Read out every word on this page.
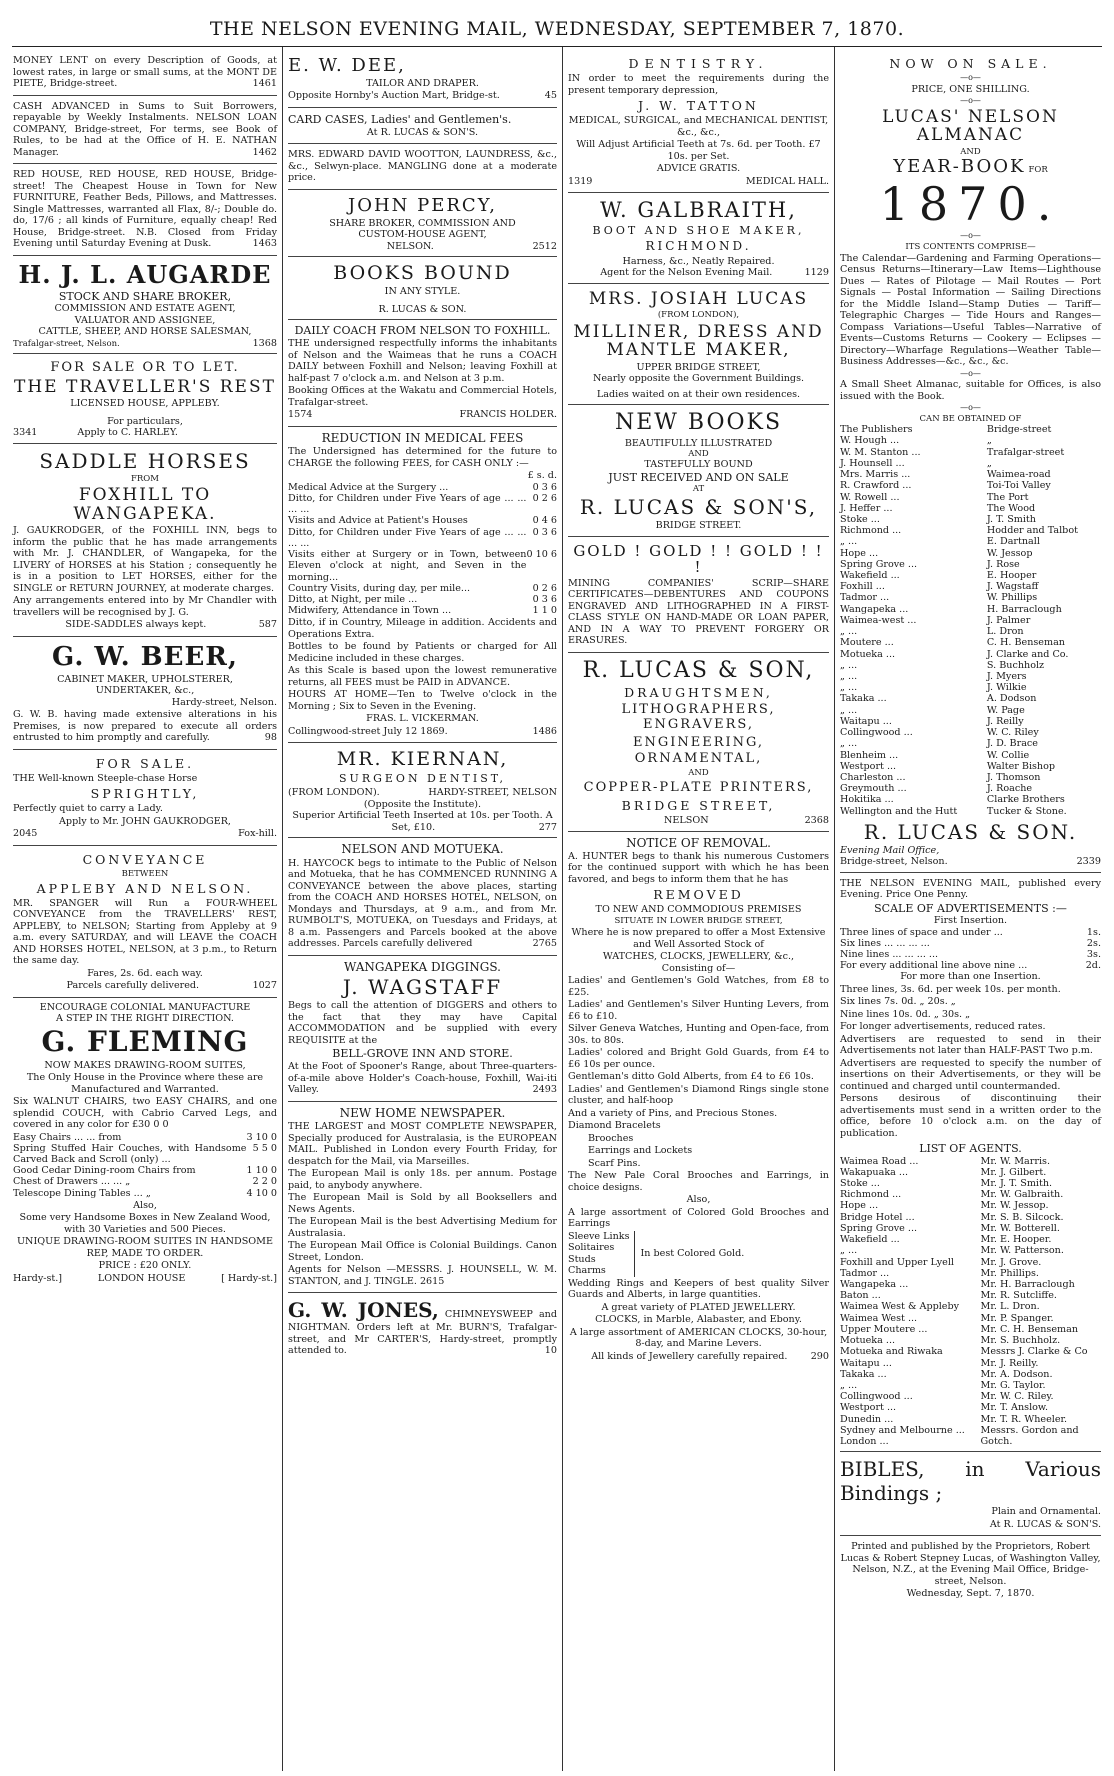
THE NELSON EVENING MAIL, WEDNESDAY, SEPTEMBER 7, 1870.

MONEY LENT on every Description of Goods, at lowest rates, in large or small sums, at the MONT DE PIETE, Bridge-street.	1461

CASH ADVANCED in Sums to Suit Borrowers, repayable by Weekly Instalments. NELSON LOAN COMPANY, Bridge-street, For terms, see Book of Rules, to be had at the Office of H. E. NATHAN Manager.	1462

RED HOUSE, RED HOUSE, RED HOUSE, Bridge-street! The Cheapest House in Town for New FURNITURE, Feather Beds, Pillows, and Mattresses. Single Mattresses, warranted all Flax, 8/-; Double do. do, 17/6 ; all kinds of Furniture, equally cheap! Red House, Bridge-street. N.B. Closed from Friday Evening until Saturday Evening at Dusk.	1463

H. J. L. AUGARDE
STOCK AND SHARE BROKER,
COMMISSION AND ESTATE AGENT,
VALUATOR AND ASSIGNEE,
CATTLE, SHEEP, AND HORSE SALESMAN,
Trafalgar-street, Nelson.	1368
FOR SALE OR TO LET.
THE TRAVELLER'S REST
LICENSED HOUSE, APPLEBY.
For particulars,
3341	Apply to C. HARLEY.
SADDLE HORSES
FROM
FOXHILL TO WANGAPEKA.

J. GAUKRODGER, of the FOXHILL INN, begs to inform the public that he has made arrangements with Mr. J. CHANDLER, of Wangapeka, for the LIVERY of HORSES at his Station ; consequently he is in a position to LET HORSES, either for the SINGLE or RETURN JOURNEY, at moderate charges.

Any arrangements entered into by Mr Chandler with travellers will be recognised by J. G.

SIDE-SADDLES always kept.	587

G. W. BEER,
CABINET MAKER, UPHOLSTERER,
UNDERTAKER, &c.,
Hardy-street, Nelson.

G. W. B. having made extensive alterations in his Premises, is now prepared to execute all orders entrusted to him promptly and carefully.	98

FOR SALE.

THE Well-known Steeple-chase Horse

SPRIGHTLY,

Perfectly quiet to carry a Lady.

Apply to Mr. JOHN GAUKRODGER,

2045	Fox-hill.

CONVEYANCE
BETWEEN
APPLEBY AND NELSON.

MR. SPANGER will Run a FOUR-WHEEL CONVEYANCE from the TRAVELLERS' REST, APPLEBY, to NELSON; Starting from Appleby at 9 a.m. every SATURDAY, and will LEAVE the COACH AND HORSES HOTEL, NELSON, at 3 p.m., to Return the same day.

Fares, 2s. 6d. each way.

Parcels carefully delivered.	1027

ENCOURAGE COLONIAL MANUFACTURE
A STEP IN THE RIGHT DIRECTION.
G. FLEMING
NOW MAKES DRAWING-ROOM SUITES,

The Only House in the Province where these are Manufactured and Warranted.

Six WALNUT CHAIRS, two EASY CHAIRS, and one splendid COUCH, with Cabrio Carved Legs, and covered in any color for £30 0 0

Easy Chairs ... ... from	3 10 0
Spring Stuffed Hair Couches, with Handsome Carved Back and Scroll (only) ...	5 5 0
Good Cedar Dining-room Chairs from	1 10 0
Chest of Drawers ... ... „	2 2 0
Telescope Dining Tables ... „	4 10 0

Also,

Some very Handsome Boxes in New Zealand Wood, with 30 Varieties and 500 Pieces.

UNIQUE DRAWING-ROOM SUITES IN HANDSOME REP, MADE TO ORDER.

PRICE : £20 ONLY.

Hardy-st.]	LONDON HOUSE	[ Hardy-st.]

E. W. DEE,
TAILOR AND DRAPER.

Opposite Hornby's Auction Mart, Bridge-st.	45

CARD CASES, Ladies' and Gentlemen's.

At R. LUCAS & SON'S.

MRS. EDWARD DAVID WOOTTON, LAUNDRESS, &c., &c., Selwyn-place. MANGLING done at a moderate price.

JOHN PERCY,
SHARE BROKER, COMMISSION AND
CUSTOM-HOUSE AGENT,
NELSON.	2512
BOOKS BOUND
IN ANY STYLE.
R. LUCAS & SON.
DAILY COACH FROM NELSON TO FOXHILL.

THE undersigned respectfully informs the inhabitants of Nelson and the Waimeas that he runs a COACH DAILY between Foxhill and Nelson; leaving Foxhill at half-past 7 o'clock a.m. and Nelson at 3 p.m.

Booking Offices at the Wakatu and Commercial Hotels, Trafalgar-street.

1574	FRANCIS HOLDER.

REDUCTION IN MEDICAL FEES

The Undersigned has determined for the future to CHARGE the following FEES, for CASH ONLY :—

£ s. d.
Medical Advice at the Surgery ...	0 3 6
Ditto, for Children under Five Years of age ... ... ... ...	0 2 6
Visits and Advice at Patient's Houses	0 4 6
Ditto, for Children under Five Years of age ... ... ... ...	0 3 6
Visits either at Surgery or in Town, between Eleven o'clock at night, and Seven in the morning...	0 10 6
Country Visits, during day, per mile...	0 2 6
Ditto, at Night, per mile ...	0 3 6
Midwifery, Attendance in Town ...	1 1 0

Ditto, if in Country, Mileage in addition. Accidents and Operations Extra.

Bottles to be found by Patients or charged for All Medicine included in these charges.

As this Scale is based upon the lowest remunerative returns, all FEES must be PAID in ADVANCE.

HOURS AT HOME—Ten to Twelve o'clock in the Morning ; Six to Seven in the Evening.

FRAS. L. VICKERMAN.

Collingwood-street July 12 1869.	1486

MR. KIERNAN,
SURGEON DENTIST,
(FROM LONDON).	HARDY-STREET, NELSON
(Opposite the Institute).
Superior Artificial Teeth Inserted at 10s. per Tooth. A Set, £10.	277
NELSON AND MOTUEKA.

H. HAYCOCK begs to intimate to the Public of Nelson and Motueka, that he has COMMENCED RUNNING A CONVEYANCE between the above places, starting from the COACH AND HORSES HOTEL, NELSON, on Mondays and Thursdays, at 9 a.m., and from Mr. RUMBOLT'S, MOTUEKA, on Tuesdays and Fridays, at 8 a.m. Passengers and Parcels booked at the above addresses. Parcels carefully delivered	2765

WANGAPEKA DIGGINGS.
J. WAGSTAFF

Begs to call the attention of DIGGERS and others to the fact that they may have Capital ACCOMMODATION and be supplied with every REQUISITE at the

BELL-GROVE INN AND STORE.

At the Foot of Spooner's Range, about Three-quarters-of-a-mile above Holder's Coach-house, Foxhill, Wai-iti Valley.	2493

NEW HOME NEWSPAPER.

THE LARGEST and MOST COMPLETE NEWSPAPER, Specially produced for Australasia, is the EUROPEAN MAIL. Published in London every Fourth Friday, for despatch for the Mail, via Marseilles.

The European Mail is only 18s. per annum. Postage paid, to anybody anywhere.

The European Mail is Sold by all Booksellers and News Agents.

The European Mail is the best Advertising Medium for Australasia.

The European Mail Office is Colonial Buildings. Canon Street, London.

Agents for Nelson —MESSRS. J. HOUNSELL, W. M. STANTON, and J. TINGLE. 2615

G. W. JONES, CHIMNEYSWEEP and NIGHTMAN. Orders left at Mr. BURN'S, Trafalgar-street, and Mr CARTER'S, Hardy-street, promptly attended to.	10

DENTISTRY.

IN order to meet the requirements during the present temporary depression,

J. W. TATTON

MEDICAL, SURGICAL, and MECHANICAL DENTIST, &c., &c.,

Will Adjust Artificial Teeth at 7s. 6d. per Tooth. £7 10s. per Set.

ADVICE GRATIS.

1319	MEDICAL HALL.

W. GALBRAITH,
BOOT AND SHOE MAKER,
RICHMOND.
Harness, &c., Neatly Repaired.
Agent for the Nelson Evening Mail.	1129
MRS. JOSIAH LUCAS
(FROM LONDON),
MILLINER, DRESS AND MANTLE MAKER,
UPPER BRIDGE STREET,
Nearly opposite the Government Buildings.
Ladies waited on at their own residences.
NEW BOOKS
BEAUTIFULLY ILLUSTRATED
AND
TASTEFULLY BOUND
JUST RECEIVED AND ON SALE
AT
R. LUCAS & SON'S,
BRIDGE STREET.
GOLD ! GOLD ! ! GOLD ! ! !

MINING COMPANIES' SCRIP—SHARE CERTIFICATES—DEBENTURES AND COUPONS ENGRAVED AND LITHOGRAPHED IN A FIRST-CLASS STYLE ON HAND-MADE OR LOAN PAPER, AND IN A WAY TO PREVENT FORGERY OR ERASURES.

R. LUCAS & SON,
DRAUGHTSMEN,
LITHOGRAPHERS, ENGRAVERS,
ENGINEERING, ORNAMENTAL,
AND
COPPER-PLATE PRINTERS,
BRIDGE STREET,
NELSON	2368
NOTICE OF REMOVAL.

A. HUNTER begs to thank his numerous Customers for the continued support with which he has been favored, and begs to inform them that he has

REMOVED
TO NEW AND COMMODIOUS PREMISES
SITUATE IN LOWER BRIDGE STREET,

Where he is now prepared to offer a Most Extensive and Well Assorted Stock of

WATCHES, CLOCKS, JEWELLERY, &c.,
Consisting of—

Ladies' and Gentlemen's Gold Watches, from £8 to £25.

Ladies' and Gentlemen's Silver Hunting Levers, from £6 to £10.

Silver Geneva Watches, Hunting and Open-face, from 30s. to 80s.

Ladies' colored and Bright Gold Guards, from £4 to £6 10s per ounce.

Gentleman's ditto Gold Alberts, from £4 to £6 10s.

Ladies' and Gentlemen's Diamond Rings single stone cluster, and half-hoop

And a variety of Pins, and Precious Stones.

Diamond Bracelets

Brooches

Earrings and Lockets

Scarf Pins.

The New Pale Coral Brooches and Earrings, in choice designs.

Also,

A large assortment of Colored Gold Brooches and Earrings

Sleeve Links
Solitaires
Studs
Charms
In best Colored Gold.

Wedding Rings and Keepers of best quality Silver Guards and Alberts, in large quantities.

A great variety of PLATED JEWELLERY.

CLOCKS, in Marble, Alabaster, and Ebony.

A large assortment of AMERICAN CLOCKS, 30-hour, 8-day, and Marine Levers.

All kinds of Jewellery carefully repaired. 290

NOW ON SALE.
—o—
PRICE, ONE SHILLING.
—o—
LUCAS' NELSON ALMANAC
AND
YEAR-BOOK FOR
1870.
—o—
ITS CONTENTS COMPRISE—

The Calendar—Gardening and Farming Operations—Census Returns—Itinerary—Law Items—Lighthouse Dues — Rates of Pilotage — Mail Routes — Port Signals — Postal Information — Sailing Directions for the Middle Island—Stamp Duties — Tariff—Telegraphic Charges — Tide Hours and Ranges—Compass Variations—Useful Tables—Narrative of Events—Customs Returns — Cookery — Eclipses — Directory—Wharfage Regulations—Weather Table—Business Addresses—&c., &c., &c.

—o—

A Small Sheet Almanac, suitable for Offices, is also issued with the Book.

—o—
CAN BE OBTAINED OF
The Publishers	Bridge-street
W. Hough ...	„
W. M. Stanton ...	Trafalgar-street
J. Hounsell ...	„
Mrs. Marris ...	Waimea-road
R. Crawford ...	Toi-Toi Valley
W. Rowell ...	The Port
J. Heffer ...	The Wood
Stoke ...	J. T. Smith
Richmond ...	Hodder and Talbot
„ ...	E. Dartnall
Hope ...	W. Jessop
Spring Grove ...	J. Rose
Wakefield ...	E. Hooper
Foxhill ...	J. Wagstaff
Tadmor ...	W. Phillips
Wangapeka ...	H. Barraclough
Waimea-west ...	J. Palmer
„ ...	L. Dron
Moutere ...	C. H. Benseman
Motueka ...	J. Clarke and Co.
„ ...	S. Buchholz
„ ...	J. Myers
„ ...	J. Wilkie
Takaka ...	A. Dodson
„ ...	W. Page
Waitapu ...	J. Reilly
Collingwood ...	W. C. Riley
„ ...	J. D. Brace
Blenheim ...	W. Collie
Westport ...	Walter Bishop
Charleston ...	J. Thomson
Greymouth ...	J. Roache
Hokitika ...	Clarke Brothers
Wellington and the Hutt	Tucker & Stone.
R. LUCAS & SON.
Evening Mail Office,
Bridge-street, Nelson.	2339

THE NELSON EVENING MAIL, published every Evening. Price One Penny.

SCALE OF ADVERTISEMENTS :—
First Insertion.
Three lines of space and under ...	1s.
Six lines ... ... ... ...	2s.
Nine lines ... ... ... ...	3s.
For every additional line above nine ...	2d.
For more than one Insertion.

Three lines, 3s. 6d. per week 10s. per month.

Six lines 7s. 0d. „ 20s. „

Nine lines 10s. 0d. „ 30s. „

For longer advertisements, reduced rates.

Advertisers are requested to send in their Advertisements not later than HALF-PAST Two p.m.

Advertisers are requested to specify the number of insertions on their Advertisements, or they will be continued and charged until countermanded.

Persons desirous of discontinuing their advertisements must send in a written order to the office, before 10 o'clock a.m. on the day of publication.

LIST OF AGENTS.
Waimea Road ...	Mr. W. Marris.
Wakapuaka ...	Mr. J. Gilbert.
Stoke ...	Mr. J. T. Smith.
Richmond ...	Mr. W. Galbraith.
Hope ...	Mr. W. Jessop.
Bridge Hotel ...	Mr. S. B. Silcock.
Spring Grove ...	Mr. W. Botterell.
Wakefield ...	Mr. E. Hooper.
„ ...	Mr. W. Patterson.
Foxhill and Upper Lyell	Mr. J. Grove.
Tadmor ...	Mr. Phillips.
Wangapeka ...	Mr. H. Barraclough
Baton ...	Mr. R. Sutcliffe.
Waimea West & Appleby	Mr. L. Dron.
Waimea West ...	Mr. P. Spanger.
Upper Moutere ...	Mr. C. H. Benseman
Motueka ...	Mr. S. Buchholz.
Motueka and Riwaka	Messrs J. Clarke & Co
Waitapu ...	Mr. J. Reilly.
Takaka ...	Mr. A. Dodson.
„ ...	Mr. G. Taylor.
Collingwood ...	Mr. W. C. Riley.
Westport ...	Mr. T. Anslow.
Dunedin ...	Mr. T. R. Wheeler.
Sydney and Melbourne ...	Messrs. Gordon and
London ...	Gotch.

BIBLES, in Various Bindings ;

Plain and Ornamental.

At R. LUCAS & SON'S.

Printed and published by the Proprietors, Robert Lucas & Robert Stepney Lucas, of Washington Valley, Nelson, N.Z., at the Evening Mail Office, Bridge-street, Nelson.

Wednesday, Sept. 7, 1870.
